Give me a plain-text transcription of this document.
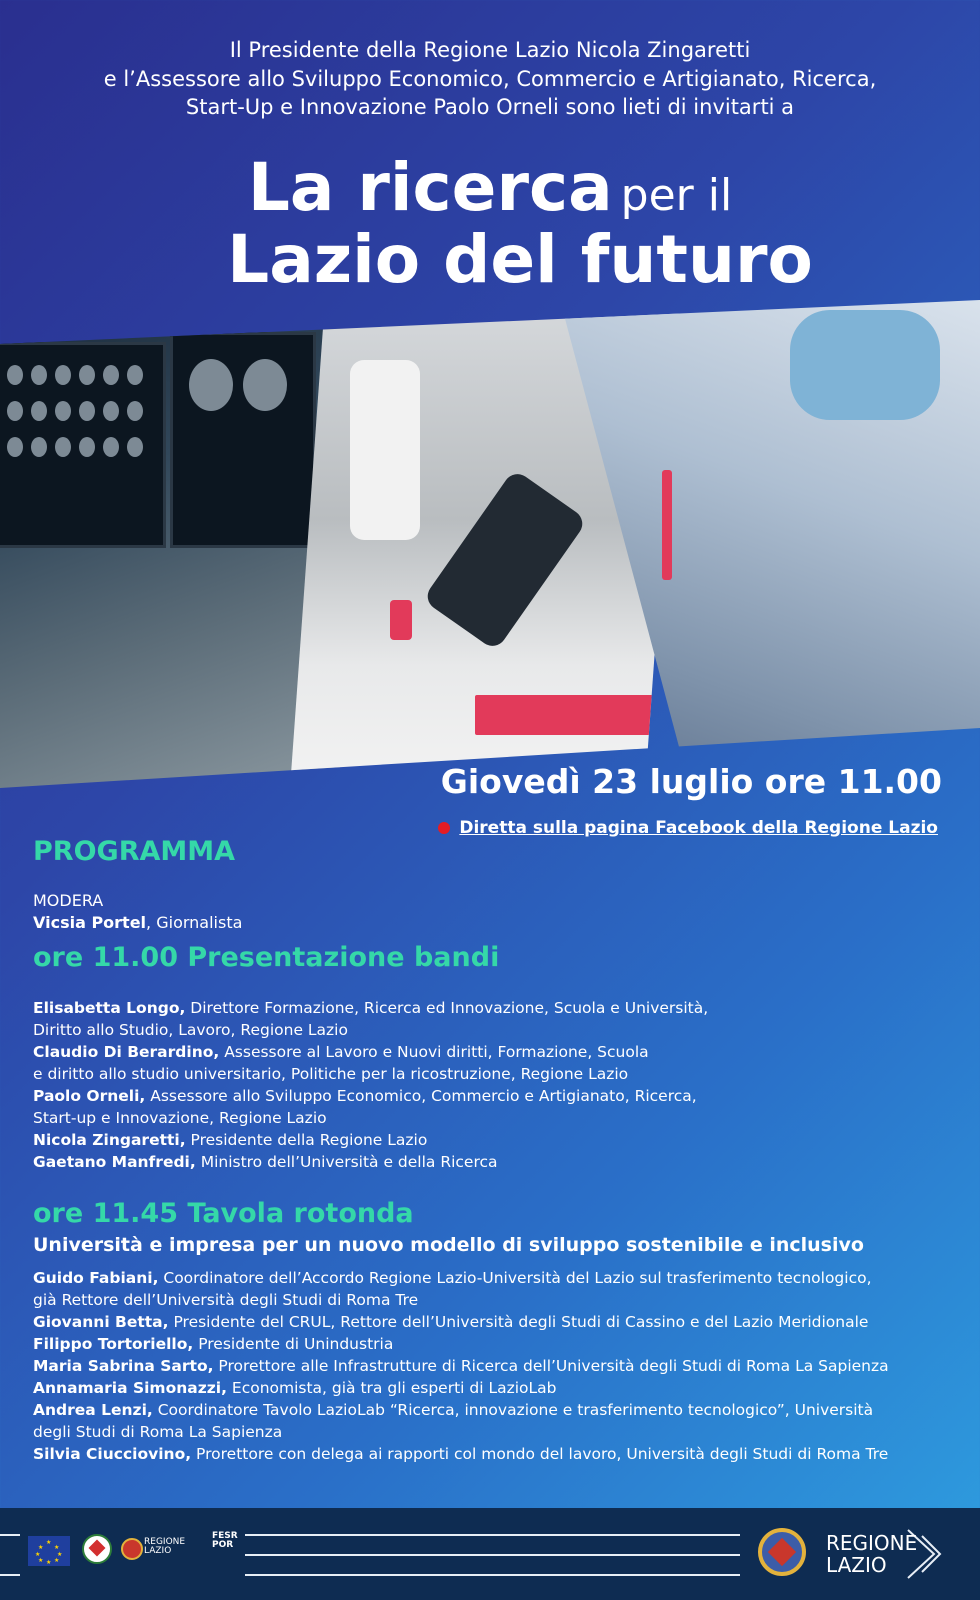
Il Presidente della Regione Lazio Nicola Zingaretti
e l’Assessore allo Sviluppo Economico, Commercio e Artigianato, Ricerca,
Start-Up e Innovazione Paolo Orneli sono lieti di invitarti a
La ricerca per il
Lazio del futuro
Giovedì 23 luglio ore 11.00
Diretta sulla pagina Facebook della Regione Lazio
PROGRAMMA
MODERA
Vicsia Portel, Giornalista
ore 11.00 Presentazione bandi
Elisabetta Longo, Direttore Formazione, Ricerca ed Innovazione, Scuola e Università,
Diritto allo Studio, Lavoro, Regione Lazio
Claudio Di Berardino, Assessore al Lavoro e Nuovi diritti, Formazione, Scuola
e diritto allo studio universitario, Politiche per la ricostruzione, Regione Lazio
Paolo Orneli, Assessore allo Sviluppo Economico, Commercio e Artigianato, Ricerca,
Start-up e Innovazione, Regione Lazio
Nicola Zingaretti, Presidente della Regione Lazio
Gaetano Manfredi, Ministro dell’Università e della Ricerca
ore 11.45 Tavola rotonda
Università e impresa per un nuovo modello di sviluppo sostenibile e inclusivo
Guido Fabiani, Coordinatore dell’Accordo Regione Lazio-Università del Lazio sul trasferimento tecnologico,
già Rettore dell’Università degli Studi di Roma Tre
Giovanni Betta, Presidente del CRUL, Rettore dell’Università degli Studi di Cassino e del Lazio Meridionale
Filippo Tortoriello, Presidente di Unindustria
Maria Sabrina Sarto, Prorettore alle Infrastrutture di Ricerca dell’Università degli Studi di Roma La Sapienza
Annamaria Simonazzi, Economista, già tra gli esperti di LazioLab
Andrea Lenzi, Coordinatore Tavolo LazioLab “Ricerca, innovazione e trasferimento tecnologico”, Università
degli Studi di Roma La Sapienza
Silvia Ciucciovino, Prorettore con delega ai rapporti col mondo del lavoro, Università degli Studi di Roma Tre
★
★ ★
★	★
★ ★
★
REGIONE
LAZIO
FESR
POR	REGIONE
LAZIO
